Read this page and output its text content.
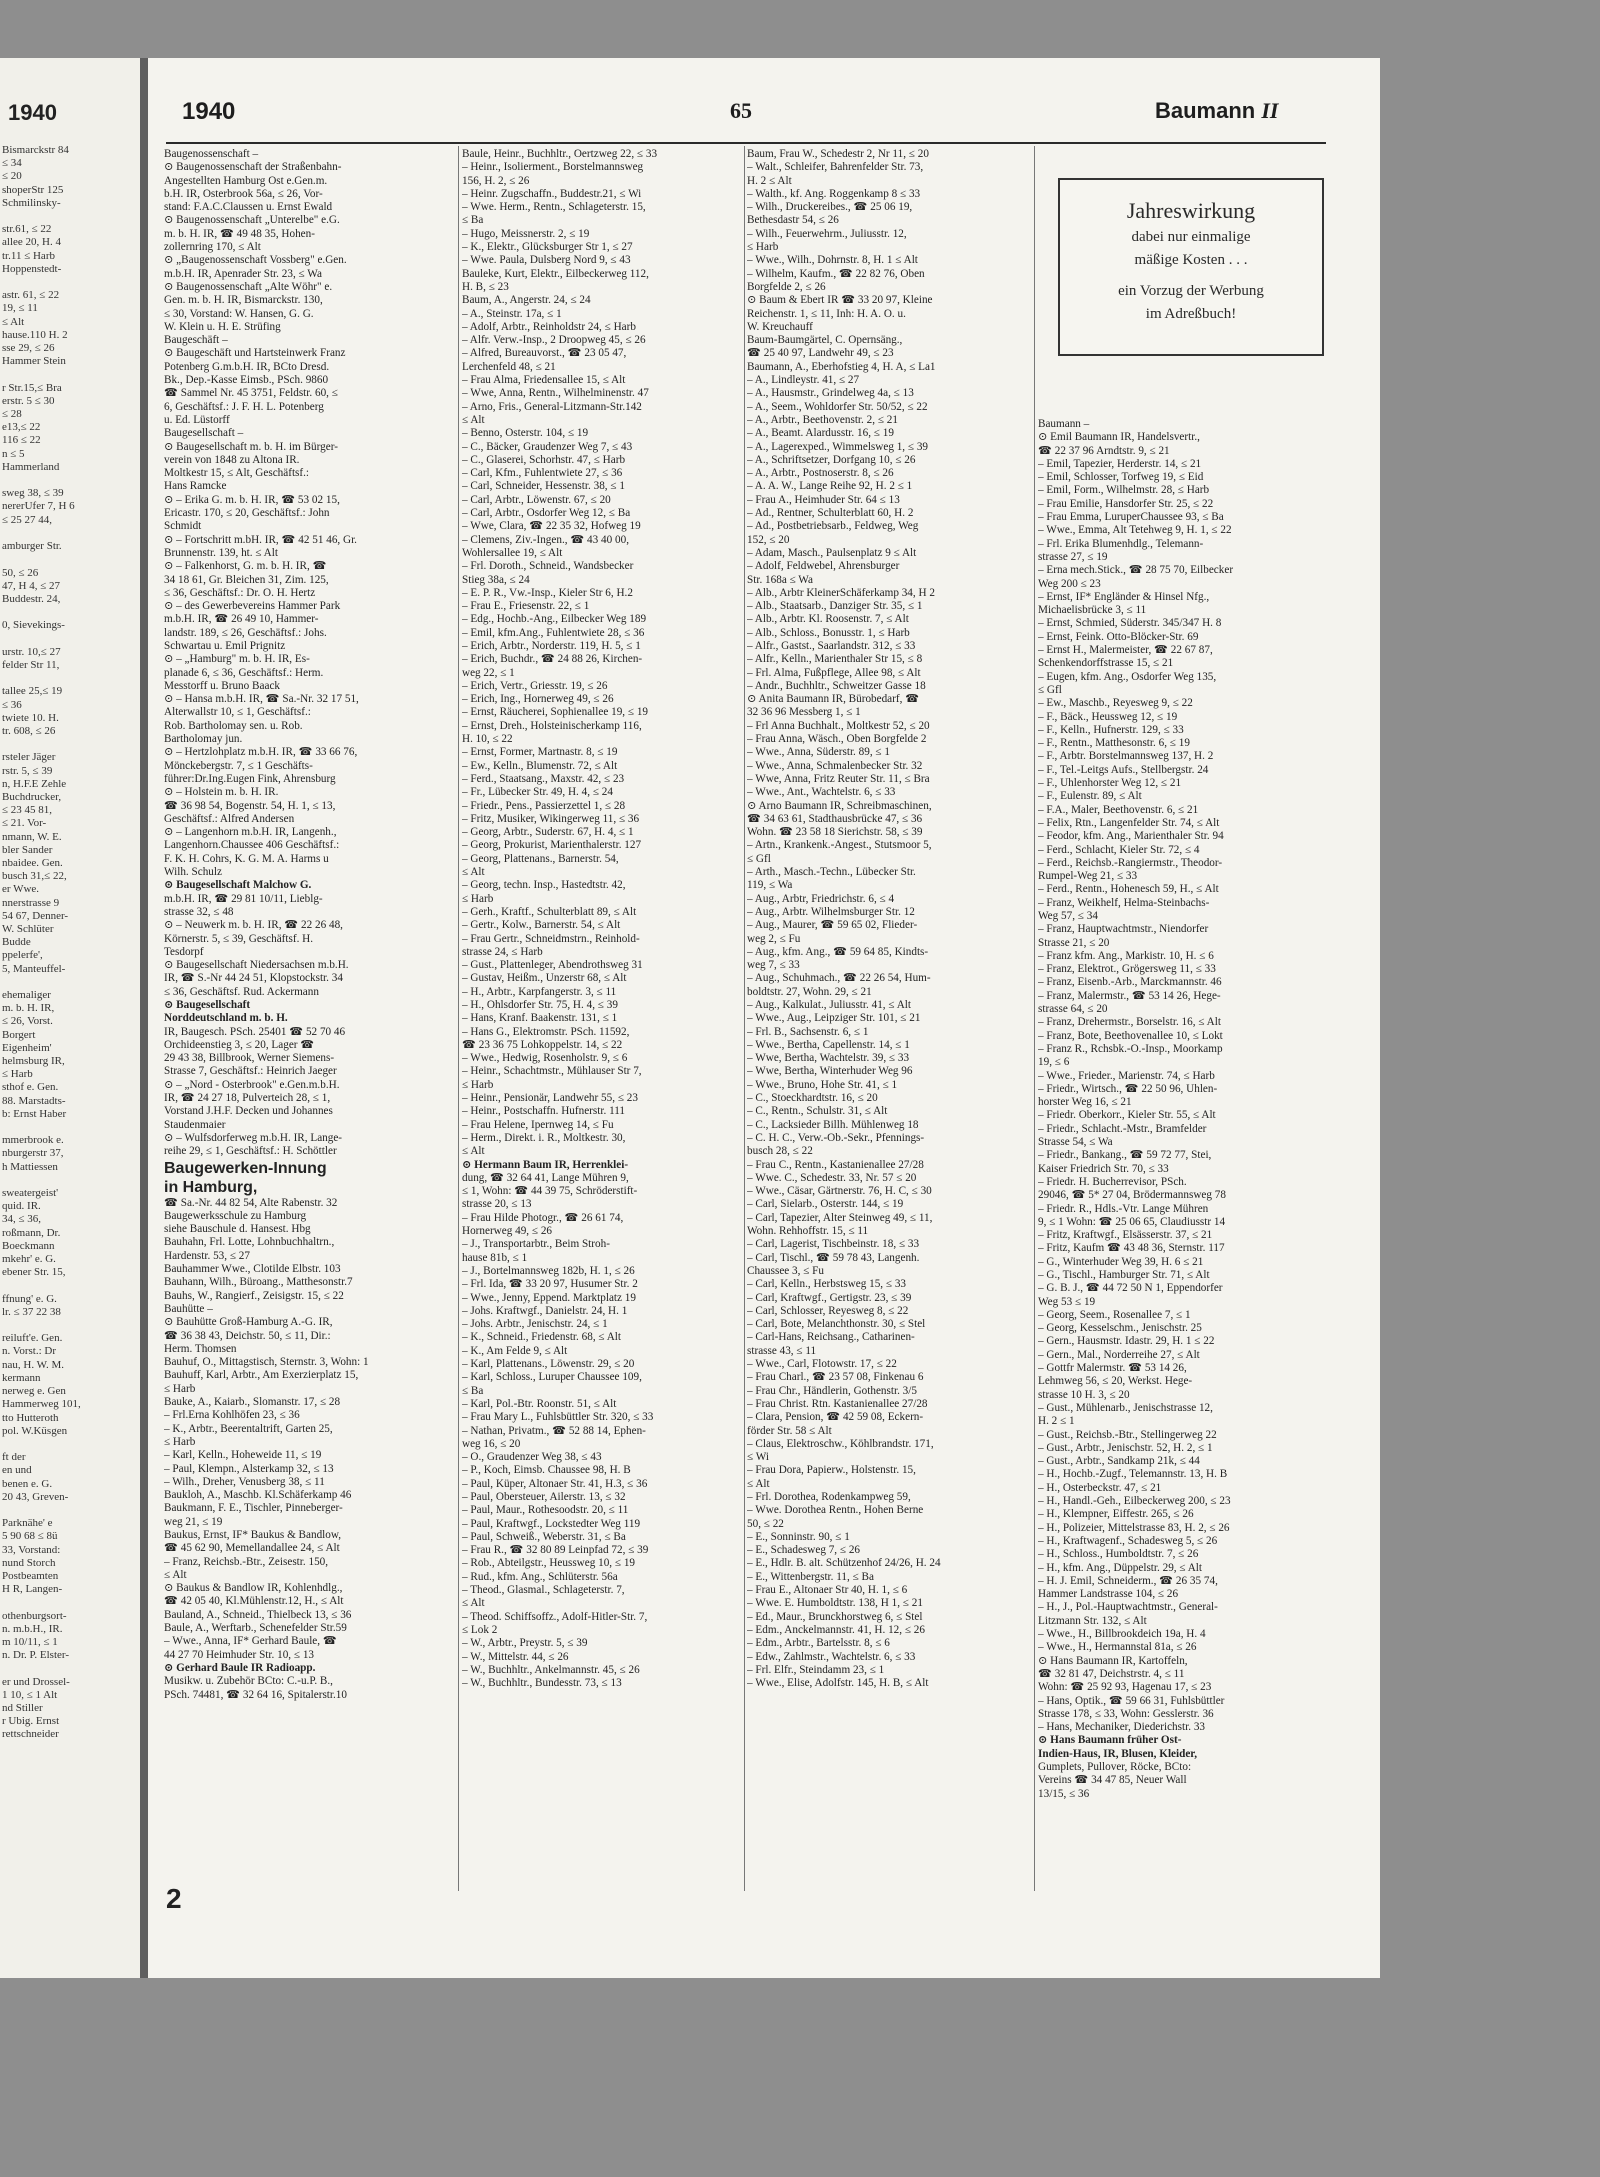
1940
Bismarckstr 84
≤ 34
≤ 20
shoperStr 125
Schmilinsky-

str.61, ≤ 22
allee 20, H. 4
tr.11 ≤ Harb
Hoppenstedt-

astr. 61, ≤ 22
19, ≤ 11
≤ Alt
hause.110 H. 2
sse 29, ≤ 26
Hammer Stein

r Str.15,≤ Bra
erstr. 5 ≤ 30
≤ 28
e13,≤ 22
116 ≤ 22
n ≤ 5
Hammerland

sweg 38, ≤ 39
nererUfer 7, H 6
≤ 25 27 44,

amburger Str.

50, ≤ 26
47, H 4, ≤ 27
Buddestr. 24,

0, Sievekings-

urstr. 10,≤ 27
felder Str 11,

tallee 25,≤ 19
≤ 36
twiete 10. H.
tr. 608, ≤ 26

rsteler Jäger
rstr. 5, ≤ 39
n, H.F.E Zehle
Buchdrucker,
≤ 23 45 81,
≤ 21. Vor-
nmann, W. E.
bler Sander
nbaidee. Gen.
busch 31,≤ 22,
er Wwe.
nnerstrasse 9
54 67, Denner-
W. Schlüter
Budde
ppelerfe',
5, Manteuffel-

ehemaliger
m. b. H. IR,
≤ 26, Vorst.
Borgert
Eigenheim'
helmsburg IR,
≤ Harb
sthof e. Gen.
88. Marstadts-
b: Ernst Haber

mmerbrook e.
nburgerstr 37,
h Mattiessen

sweatergeist'
quid. IR.
34, ≤ 36,
roßmann, Dr.
Boeckmann
mkehr' e. G.
ebener Str. 15,

ffnung' e. G.
lr. ≤ 37 22 38

reiluft'e. Gen.
n. Vorst.: Dr
nau, H. W. M.
kermann
nerweg e. Gen
Hammerweg 101,
tto Hutteroth
pol. W.Küsgen

ft der
en und
benen e. G.
20 43, Greven-

Parknähe' e
5 90 68 ≤ 8ü
33, Vorstand:
nund Storch
Postbeamten
H R, Langen-

othenburgsort-
n. m.b.H., IR.
m 10/11, ≤ 1
n. Dr. P. Elster-

er und Drossel-
1 10, ≤ 1 Alt
nd Stiller
r Ubig. Ernst
rettschneider
1940	65	Baumann II
Baugenossenschaft –
⊙ Baugenossenschaft der Straßenbahn-
Angestellten Hamburg Ost e.Gen.m.
b.H. IR, Osterbrook 56a, ≤ 26, Vor-
stand: F.A.C.Claussen u. Ernst Ewald
⊙ Baugenossenschaft „Unterelbe" e.G.
m. b. H. IR, ☎ 49 48 35, Hohen-
zollernring 170, ≤ Alt
⊙ „Baugenossenschaft Vossberg" e.Gen.
m.b.H. IR, Apenrader Str. 23, ≤ Wa
⊙ Baugenossenschaft „Alte Wöhr" e.
Gen. m. b. H. IR, Bismarckstr. 130,
≤ 30, Vorstand: W. Hansen, G. G.
W. Klein u. H. E. Strüfing
Baugeschäft –
⊙ Baugeschäft und Hartsteinwerk Franz
Potenberg G.m.b.H. IR, BCto Dresd.
Bk., Dep.-Kasse Eimsb., PSch. 9860
☎ Sammel Nr. 45 3751, Feldstr. 60, ≤
6, Geschäftsf.: J. F. H. L. Potenberg
u. Ed. Lüstorff
Baugesellschaft –
⊙ Baugesellschaft m. b. H. im Bürger-
verein von 1848 zu Altona IR.
Moltkestr 15, ≤ Alt, Geschäftsf.:
Hans Ramcke
⊙ – Erika G. m. b. H. IR, ☎ 53 02 15,
Ericastr. 170, ≤ 20, Geschäftsf.: John
Schmidt
⊙ – Fortschritt m.bH. IR, ☎ 42 51 46, Gr.
Brunnenstr. 139, ht. ≤ Alt
⊙ – Falkenhorst, G. m. b. H. IR, ☎
34 18 61, Gr. Bleichen 31, Zim. 125,
≤ 36, Geschäftsf.: Dr. O. H. Hertz
⊙ – des Gewerbevereins Hammer Park
m.b.H. IR, ☎ 26 49 10, Hammer-
landstr. 189, ≤ 26, Geschäftsf.: Johs.
Schwartau u. Emil Prignitz
⊙ – „Hamburg" m. b. H. IR, Es-
planade 6, ≤ 36, Geschäftsf.: Herm.
Messtorff u. Bruno Baack
⊙ – Hansa m.b.H. IR, ☎ Sa.-Nr. 32 17 51,
Alterwallstr 10, ≤ 1, Geschäftsf.:
Rob. Bartholomay sen. u. Rob.
Bartholomay jun.
⊙ – Hertzlohplatz m.b.H. IR, ☎ 33 66 76,
Mönckebergstr. 7, ≤ 1 Geschäfts-
führer:Dr.Ing.Eugen Fink, Ahrensburg
⊙ – Holstein m. b. H. IR.
☎ 36 98 54, Bogenstr. 54, H. 1, ≤ 13,
Geschäftsf.: Alfred Andersen
⊙ – Langenhorn m.b.H. IR, Langenh.,
Langenhorn.Chaussee 406 Geschäftsf.:
F. K. H. Cohrs, K. G. M. A. Harms u
Wilh. Schulz
⊙ Baugesellschaft Malchow G.
m.b.H. IR, ☎ 29 81 10/11, Lieblg-
strasse 32, ≤ 48
⊙ – Neuwerk m. b. H. IR, ☎ 22 26 48,
Körnerstr. 5, ≤ 39, Geschäftsf. H.
Tesdorpf
⊙ Baugesellschaft Niedersachsen m.b.H.
IR, ☎ S.-Nr 44 24 51, Klopstockstr. 34
≤ 36, Geschäftsf. Rud. Ackermann
⊙ Baugesellschaft
Norddeutschland m. b. H.
IR, Baugesch. PSch. 25401 ☎ 52 70 46
Orchideenstieg 3, ≤ 20, Lager ☎
29 43 38, Billbrook, Werner Siemens-
Strasse 7, Geschäftsf.: Heinrich Jaeger
⊙ – „Nord - Osterbrook" e.Gen.m.b.H.
IR, ☎ 24 27 18, Pulverteich 28, ≤ 1,
Vorstand J.H.F. Decken und Johannes
Staudenmaier
⊙ – Wulfsdorferweg m.b.H. IR, Lange-
reihe 29, ≤ 1, Geschäftsf.: H. Schöttler
Baugewerken-Innung
in Hamburg,
☎ Sa.-Nr. 44 82 54, Alte Rabenstr. 32
Baugewerksschule zu Hamburg
siehe Bauschule d. Hansest. Hbg
Bauhahn, Frl. Lotte, Lohnbuchhaltrn.,
Hardenstr. 53, ≤ 27
Bauhammer Wwe., Clotilde Elbstr. 103
Bauhann, Wilh., Büroang., Matthesonstr.7
Bauhs, W., Rangierf., Zeisigstr. 15, ≤ 22
Bauhütte –
⊙ Bauhütte Groß-Hamburg A.-G. IR,
☎ 36 38 43, Deichstr. 50, ≤ 11, Dir.:
Herm. Thomsen
Bauhuf, O., Mittagstisch, Sternstr. 3, Wohn: 1
Bauhuff, Karl, Arbtr., Am Exerzierplatz 15,
≤ Harb
Bauke, A., Kaiarb., Slomanstr. 17, ≤ 28
– Frl.Erna Kohlhöfen 23, ≤ 36
– K., Arbtr., Beerentaltrift, Garten 25,
≤ Harb
– Karl, Kelln., Hoheweide 11, ≤ 19
– Paul, Klempn., Alsterkamp 32, ≤ 13
– Wilh., Dreher, Venusberg 38, ≤ 11
Baukloh, A., Maschb. Kl.Schäferkamp 46
Baukmann, F. E., Tischler, Pinneberger-
weg 21, ≤ 19
Baukus, Ernst, IF* Baukus & Bandlow,
☎ 45 62 90, Memellandallee 24, ≤ Alt
– Franz, Reichsb.-Btr., Zeisestr. 150,
≤ Alt
⊙ Baukus & Bandlow IR, Kohlenhdlg.,
☎ 42 05 40, Kl.Mühlenstr.12, H., ≤ Alt
Bauland, A., Schneid., Thielbeck 13, ≤ 36
Baule, A., Werftarb., Schenefelder Str.59
– Wwe., Anna, IF* Gerhard Baule, ☎
44 27 70 Heimhuder Str. 10, ≤ 13
⊙ Gerhard Baule IR Radioapp.
Musikw. u. Zubehör BCto: C.-u.P. B.,
PSch. 74481, ☎ 32 64 16, Spitalerstr.10
Baule, Heinr., Buchhltr., Oertzweg 22, ≤ 33
– Heinr., Isolierment., Borstelmannsweg
156, H. 2, ≤ 26
– Heinr. Zugschaffn., Buddestr.21, ≤ Wi
– Wwe. Herm., Rentn., Schlageterstr. 15,
≤ Ba
– Hugo, Meissnerstr. 2, ≤ 19
– K., Elektr., Glücksburger Str 1, ≤ 27
– Wwe. Paula, Dulsberg Nord 9, ≤ 43
Bauleke, Kurt, Elektr., Eilbeckerweg 112,
H. B, ≤ 23
Baum, A., Angerstr. 24, ≤ 24
– A., Steinstr. 17a, ≤ 1
– Adolf, Arbtr., Reinholdstr 24, ≤ Harb
– Alfr. Verw.-Insp., 2 Droopweg 45, ≤ 26
– Alfred, Bureauvorst., ☎ 23 05 47,
Lerchenfeld 48, ≤ 21
– Frau Alma, Friedensallee 15, ≤ Alt
– Wwe, Anna, Rentn., Wilhelminenstr. 47
– Arno, Fris., General-Litzmann-Str.142
≤ Alt
– Benno, Osterstr. 104, ≤ 19
– C., Bäcker, Graudenzer Weg 7, ≤ 43
– C., Glaserei, Schorhstr. 47, ≤ Harb
– Carl, Kfm., Fuhlentwiete 27, ≤ 36
– Carl, Schneider, Hessenstr. 38, ≤ 1
– Carl, Arbtr., Löwenstr. 67, ≤ 20
– Carl, Arbtr., Osdorfer Weg 12, ≤ Ba
– Wwe, Clara, ☎ 22 35 32, Hofweg 19
– Clemens, Ziv.-Ingen., ☎ 43 40 00,
Wohlersallee 19, ≤ Alt
– Frl. Doroth., Schneid., Wandsbecker
Stieg 38a, ≤ 24
– E. P. R., Vw.-Insp., Kieler Str 6, H.2
– Frau E., Friesenstr. 22, ≤ 1
– Edg., Hochb.-Ang., Eilbecker Weg 189
– Emil, kfm.Ang., Fuhlentwiete 28, ≤ 36
– Erich, Arbtr., Norderstr. 119, H. 5, ≤ 1
– Erich, Buchdr., ☎ 24 88 26, Kirchen-
weg 22, ≤ 1
– Erich, Vertr., Griesstr. 19, ≤ 26
– Erich, Ing., Hornerweg 49, ≤ 26
– Ernst, Räucherei, Sophienallee 19, ≤ 19
– Ernst, Dreh., Holsteinischerkamp 116,
H. 10, ≤ 22
– Ernst, Former, Martnastr. 8, ≤ 19
– Ew., Kelln., Blumenstr. 72, ≤ Alt
– Ferd., Staatsang., Maxstr. 42, ≤ 23
– Fr., Lübecker Str. 49, H. 4, ≤ 24
– Friedr., Pens., Passierzettel 1, ≤ 28
– Fritz, Musiker, Wikingerweg 11, ≤ 36
– Georg, Arbtr., Suderstr. 67, H. 4, ≤ 1
– Georg, Prokurist, Marienthalerstr. 127
– Georg, Plattenans., Barnerstr. 54,
≤ Alt
– Georg, techn. Insp., Hastedtstr. 42,
≤ Harb
– Gerh., Kraftf., Schulterblatt 89, ≤ Alt
– Gertr., Kolw., Barnerstr. 54, ≤ Alt
– Frau Gertr., Schneidmstrn., Reinhold-
strasse 24, ≤ Harb
– Gust., Plattenleger, Abendrothsweg 31
– Gustav, Heißm., Unzerstr 68, ≤ Alt
– H., Arbtr., Karpfangerstr. 3, ≤ 11
– H., Ohlsdorfer Str. 75, H. 4, ≤ 39
– Hans, Kranf. Baakenstr. 131, ≤ 1
– Hans G., Elektromstr. PSch. 11592,
☎ 23 36 75 Lohkoppelstr. 14, ≤ 22
– Wwe., Hedwig, Rosenholstr. 9, ≤ 6
– Heinr., Schachtmstr., Mühlauser Str 7,
≤ Harb
– Heinr., Pensionär, Landwehr 55, ≤ 23
– Heinr., Postschaffn. Hufnerstr. 111
– Frau Helene, Ipernweg 14, ≤ Fu
– Herm., Direkt. i. R., Moltkestr. 30,
≤ Alt
⊙ Hermann Baum IR, Herrenklei-
dung, ☎ 32 64 41, Lange Mühren 9,
≤ 1, Wohn: ☎ 44 39 75, Schröderstift-
strasse 20, ≤ 13
– Frau Hilde Photogr., ☎ 26 61 74,
Hornerweg 49, ≤ 26
– J., Transportarbtr., Beim Stroh-
hause 81b, ≤ 1
– J., Bortelmannsweg 182b, H. 1, ≤ 26
– Frl. Ida, ☎ 33 20 97, Husumer Str. 2
– Wwe., Jenny, Eppend. Marktplatz 19
– Johs. Kraftwgf., Danielstr. 24, H. 1
– Johs. Arbtr., Jenischstr. 24, ≤ 1
– K., Schneid., Friedenstr. 68, ≤ Alt
– K., Am Felde 9, ≤ Alt
– Karl, Plattenans., Löwenstr. 29, ≤ 20
– Karl, Schloss., Luruper Chaussee 109,
≤ Ba
– Karl, Pol.-Btr. Roonstr. 51, ≤ Alt
– Frau Mary L., Fuhlsbüttler Str. 320, ≤ 33
– Nathan, Privatm., ☎ 52 88 14, Ephen-
weg 16, ≤ 20
– O., Graudenzer Weg 38, ≤ 43
– P., Koch, Eimsb. Chaussee 98, H. B
– Paul, Küper, Altonaer Str. 41, H.3, ≤ 36
– Paul, Obersteuer, Ailerstr. 13, ≤ 32
– Paul, Maur., Rothesoodstr. 20, ≤ 11
– Paul, Kraftwgf., Lockstedter Weg 119
– Paul, Schweiß., Weberstr. 31, ≤ Ba
– Frau R., ☎ 32 80 89 Leinpfad 72, ≤ 39
– Rob., Abteilgstr., Heussweg 10, ≤ 19
– Rud., kfm. Ang., Schlüterstr. 56a
– Theod., Glasmal., Schlageterstr. 7,
≤ Alt
– Theod. Schiffsoffz., Adolf-Hitler-Str. 7,
≤ Lok 2
– W., Arbtr., Preystr. 5, ≤ 39
– W., Mittelstr. 44, ≤ 26
– W., Buchhltr., Ankelmannstr. 45, ≤ 26
– W., Buchhltr., Bundesstr. 73, ≤ 13
Baum, Frau W., Schedestr 2, Nr 11, ≤ 20
– Walt., Schleifer, Bahrenfelder Str. 73,
H. 2 ≤ Alt
– Walth., kf. Ang. Roggenkamp 8 ≤ 33
– Wilh., Druckereibes., ☎ 25 06 19,
Bethesdastr 54, ≤ 26
– Wilh., Feuerwehrm., Juliusstr. 12,
≤ Harb
– Wwe., Wilh., Dohrnstr. 8, H. 1 ≤ Alt
– Wilhelm, Kaufm., ☎ 22 82 76, Oben
Borgfelde 2, ≤ 26
⊙ Baum & Ebert IR ☎ 33 20 97, Kleine
Reichenstr. 1, ≤ 11, Inh: H. A. O. u.
W. Kreuchauff
Baum-Baumgärtel, C. Opernsäng.,
☎ 25 40 97, Landwehr 49, ≤ 23
Baumann, A., Eberhofstieg 4, H. A, ≤ La1
– A., Lindleystr. 41, ≤ 27
– A., Hausmstr., Grindelweg 4a, ≤ 13
– A., Seem., Wohldorfer Str. 50/52, ≤ 22
– A., Arbtr., Beethovenstr. 2, ≤ 21
– A., Beamt. Alardusstr. 16, ≤ 19
– A., Lagerexped., Wimmelsweg 1, ≤ 39
– A., Schriftsetzer, Dorfgang 10, ≤ 26
– A., Arbtr., Postnoserstr. 8, ≤ 26
– A. A. W., Lange Reihe 92, H. 2 ≤ 1
– Frau A., Heimhuder Str. 64 ≤ 13
– Ad., Rentner, Schulterblatt 60, H. 2
– Ad., Postbetriebsarb., Feldweg, Weg
152, ≤ 20
– Adam, Masch., Paulsenplatz 9 ≤ Alt
– Adolf, Feldwebel, Ahrensburger
Str. 168a ≤ Wa
– Alb., Arbtr KleinerSchäferkamp 34, H 2
– Alb., Staatsarb., Danziger Str. 35, ≤ 1
– Alb., Arbtr. Kl. Roosenstr. 7, ≤ Alt
– Alb., Schloss., Bonusstr. 1, ≤ Harb
– Alfr., Gastst., Saarlandstr. 312, ≤ 33
– Alfr., Kelln., Marienthaler Str 15, ≤ 8
– Frl. Alma, Fußpflege, Allee 98, ≤ Alt
– Andr., Buchhltr., Schweitzer Gasse 18
⊙ Anita Baumann IR, Bürobedarf, ☎
32 36 96 Messberg 1, ≤ 1
– Frl Anna Buchhalt., Moltkestr 52, ≤ 20
– Frau Anna, Wäsch., Oben Borgfelde 2
– Wwe., Anna, Süderstr. 89, ≤ 1
– Wwe., Anna, Schmalenbecker Str. 32
– Wwe, Anna, Fritz Reuter Str. 11, ≤ Bra
– Wwe., Ant., Wachtelstr. 6, ≤ 33
⊙ Arno Baumann IR, Schreibmaschinen,
☎ 34 63 61, Stadthausbrücke 47, ≤ 36
Wohn. ☎ 23 58 18 Sierichstr. 58, ≤ 39
– Artn., Krankenk.-Angest., Stutsmoor 5,
≤ Gfl
– Arth., Masch.-Techn., Lübecker Str.
119, ≤ Wa
– Aug., Arbtr, Friedrichstr. 6, ≤ 4
– Aug., Arbtr. Wilhelmsburger Str. 12
– Aug., Maurer, ☎ 59 65 02, Flieder-
weg 2, ≤ Fu
– Aug., kfm. Ang., ☎ 59 64 85, Kindts-
weg 7, ≤ 33
– Aug., Schuhmach., ☎ 22 26 54, Hum-
boldtstr. 27, Wohn. 29, ≤ 21
– Aug., Kalkulat., Juliusstr. 41, ≤ Alt
– Wwe., Aug., Leipziger Str. 101, ≤ 21
– Frl. B., Sachsenstr. 6, ≤ 1
– Wwe., Bertha, Capellenstr. 14, ≤ 1
– Wwe, Bertha, Wachtelstr. 39, ≤ 33
– Wwe, Bertha, Winterhuder Weg 96
– Wwe., Bruno, Hohe Str. 41, ≤ 1
– C., Stoeckhardtstr. 16, ≤ 20
– C., Rentn., Schulstr. 31, ≤ Alt
– C., Lacksieder Billh. Mühlenweg 18
– C. H. C., Verw.-Ob.-Sekr., Pfennings-
busch 28, ≤ 22
– Frau C., Rentn., Kastanienallee 27/28
– Wwe. C., Schedestr. 33, Nr. 57 ≤ 20
– Wwe., Cäsar, Gärtnerstr. 76, H. C, ≤ 30
– Carl, Sielarb., Osterstr. 144, ≤ 19
– Carl, Tapezier, Alter Steinweg 49, ≤ 11,
Wohn. Rehhoffstr. 15, ≤ 11
– Carl, Lagerist, Tischbeinstr. 18, ≤ 33
– Carl, Tischl., ☎ 59 78 43, Langenh.
Chaussee 3, ≤ Fu
– Carl, Kelln., Herbstsweg 15, ≤ 33
– Carl, Kraftwgf., Gertigstr. 23, ≤ 39
– Carl, Schlosser, Reyesweg 8, ≤ 22
– Carl, Bote, Melanchthonstr. 30, ≤ Stel
– Carl-Hans, Reichsang., Catharinen-
strasse 43, ≤ 11
– Wwe., Carl, Flotowstr. 17, ≤ 22
– Frau Charl., ☎ 23 57 08, Finkenau 6
– Frau Chr., Händlerin, Gothenstr. 3/5
– Frau Christ. Rtn. Kastanienallee 27/28
– Clara, Pension, ☎ 42 59 08, Eckern-
förder Str. 58 ≤ Alt
– Claus, Elektroschw., Köhlbrandstr. 171,
≤ Wi
– Frau Dora, Papierw., Holstenstr. 15,
≤ Alt
– Frl. Dorothea, Rodenkampweg 59,
– Wwe. Dorothea Rentn., Hohen Berne
50, ≤ 22
– E., Sonninstr. 90, ≤ 1
– E., Schadesweg 7, ≤ 26
– E., Hdlr. B. alt. Schützenhof 24/26, H. 24
– E., Wittenbergstr. 11, ≤ Ba
– Frau E., Altonaer Str 40, H. 1, ≤ 6
– Wwe. E. Humboldtstr. 138, H 1, ≤ 21
– Ed., Maur., Brunckhorstweg 6, ≤ Stel
– Edm., Anckelmannstr. 41, H. 12, ≤ 26
– Edm., Arbtr., Bartelsstr. 8, ≤ 6
– Edw., Zahlmstr., Wachtelstr. 6, ≤ 33
– Frl. Elfr., Steindamm 23, ≤ 1
– Wwe., Elise, Adolfstr. 145, H. B, ≤ Alt
Baumann –
⊙ Emil Baumann IR, Handelsvertr.,
☎ 22 37 96 Arndtstr. 9, ≤ 21
– Emil, Tapezier, Herderstr. 14, ≤ 21
– Emil, Schlosser, Torfweg 19, ≤ Eid
– Emil, Form., Wilhelmstr. 28, ≤ Harb
– Frau Emilie, Hansdorfer Str. 25, ≤ 22
– Frau Emma, LuruperChaussee 93, ≤ Ba
– Wwe., Emma, Alt Tetehweg 9, H. 1, ≤ 22
– Frl. Erika Blumenhdlg., Telemann-
strasse 27, ≤ 19
– Erna mech.Stick., ☎ 28 75 70, Eilbecker
Weg 200 ≤ 23
– Ernst, IF* Engländer & Hinsel Nfg.,
Michaelisbrücke 3, ≤ 11
– Ernst, Schmied, Süderstr. 345/347 H. 8
– Ernst, Feink. Otto-Blöcker-Str. 69
– Ernst H., Malermeister, ☎ 22 67 87,
Schenkendorffstrasse 15, ≤ 21
– Eugen, kfm. Ang., Osdorfer Weg 135,
≤ Gfl
– Ew., Maschb., Reyesweg 9, ≤ 22
– F., Bäck., Heussweg 12, ≤ 19
– F., Kelln., Hufnerstr. 129, ≤ 33
– F., Rentn., Matthesonstr. 6, ≤ 19
– F., Arbtr. Borstelmannsweg 137, H. 2
– F., Tel.-Leitgs Aufs., Stellbergstr. 24
– F., Uhlenhorster Weg 12, ≤ 21
– F., Eulenstr. 89, ≤ Alt
– F.A., Maler, Beethovenstr. 6, ≤ 21
– Felix, Rtn., Langenfelder Str. 74, ≤ Alt
– Feodor, kfm. Ang., Marienthaler Str. 94
– Ferd., Schlacht, Kieler Str. 72, ≤ 4
– Ferd., Reichsb.-Rangiermstr., Theodor-
Rumpel-Weg 21, ≤ 33
– Ferd., Rentn., Hohenesch 59, H., ≤ Alt
– Franz, Weikhelf, Helma-Steinbachs-
Weg 57, ≤ 34
– Franz, Hauptwachtmstr., Niendorfer
Strasse 21, ≤ 20
– Franz kfm. Ang., Markistr. 10, H. ≤ 6
– Franz, Elektrot., Grögersweg 11, ≤ 33
– Franz, Eisenb.-Arb., Marckmannstr. 46
– Franz, Malermstr., ☎ 53 14 26, Hege-
strasse 64, ≤ 20
– Franz, Drehermstr., Borselstr. 16, ≤ Alt
– Franz, Bote, Beethovenallee 10, ≤ Lokt
– Franz R., Rchsbk.-O.-Insp., Moorkamp
19, ≤ 6
– Wwe., Frieder., Marienstr. 74, ≤ Harb
– Friedr., Wirtsch., ☎ 22 50 96, Uhlen-
horster Weg 16, ≤ 21
– Friedr. Oberkorr., Kieler Str. 55, ≤ Alt
– Friedr., Schlacht.-Mstr., Bramfelder
Strasse 54, ≤ Wa
– Friedr., Bankang., ☎ 59 72 77, Stei,
Kaiser Friedrich Str. 70, ≤ 33
– Friedr. H. Bucherrevisor, PSch.
29046, ☎ 5* 27 04, Brödermannsweg 78
– Friedr. R., Hdls.-Vtr. Lange Mühren
9, ≤ 1 Wohn: ☎ 25 06 65, Claudiusstr 14
– Fritz, Kraftwgf., Elsässerstr. 37, ≤ 21
– Fritz, Kaufm ☎ 43 48 36, Sternstr. 117
– G., Winterhuder Weg 39, H. 6 ≤ 21
– G., Tischl., Hamburger Str. 71, ≤ Alt
– G. B. J., ☎ 44 72 50 N 1, Eppendorfer
Weg 53 ≤ 19
– Georg, Seem., Rosenallee 7, ≤ 1
– Georg, Kesselschm., Jenischstr. 25
– Gern., Hausmstr. Idastr. 29, H. 1 ≤ 22
– Gern., Mal., Norderreihe 27, ≤ Alt
– Gottfr Malermstr. ☎ 53 14 26,
Lehmweg 56, ≤ 20, Werkst. Hege-
strasse 10 H. 3, ≤ 20
– Gust., Mühlenarb., Jenischstrasse 12,
H. 2 ≤ 1
– Gust., Reichsb.-Btr., Stellingerweg 22
– Gust., Arbtr., Jenischstr. 52, H. 2, ≤ 1
– Gust., Arbtr., Sandkamp 21k, ≤ 44
– H., Hochb.-Zugf., Telemannstr. 13, H. B
– H., Osterbeckstr. 47, ≤ 21
– H., Handl.-Geh., Eilbeckerweg 200, ≤ 23
– H., Klempner, Eiffestr. 265, ≤ 26
– H., Polizeier, Mittelstrasse 83, H. 2, ≤ 26
– H., Kraftwagenf., Schadesweg 5, ≤ 26
– H., Schloss., Humboldtstr. 7, ≤ 26
– H., kfm. Ang., Düppelstr. 29, ≤ Alt
– H. J. Emil, Schneiderm., ☎ 26 35 74,
Hammer Landstrasse 104, ≤ 26
– H., J., Pol.-Hauptwachtmstr., General-
Litzmann Str. 132, ≤ Alt
– Wwe., H., Billbrookdeich 19a, H. 4
– Wwe., H., Hermannstal 81a, ≤ 26
⊙ Hans Baumann IR, Kartoffeln,
☎ 32 81 47, Deichstrstr. 4, ≤ 11
Wohn: ☎ 25 92 93, Hagenau 17, ≤ 23
– Hans, Optik., ☎ 59 66 31, Fuhlsbüttler
Strasse 178, ≤ 33, Wohn: Gesslerstr. 36
– Hans, Mechaniker, Diederichstr. 33
⊙ Hans Baumann früher Ost-
Indien-Haus, IR, Blusen, Kleider,
Gumplets, Pullover, Röcke, BCto:
Vereins ☎ 34 47 85, Neuer Wall
13/15, ≤ 36
Jahreswirkung
dabei nur einmalige
mäßige Kosten . . .
ein Vorzug der Werbung
im Adreßbuch!
2
